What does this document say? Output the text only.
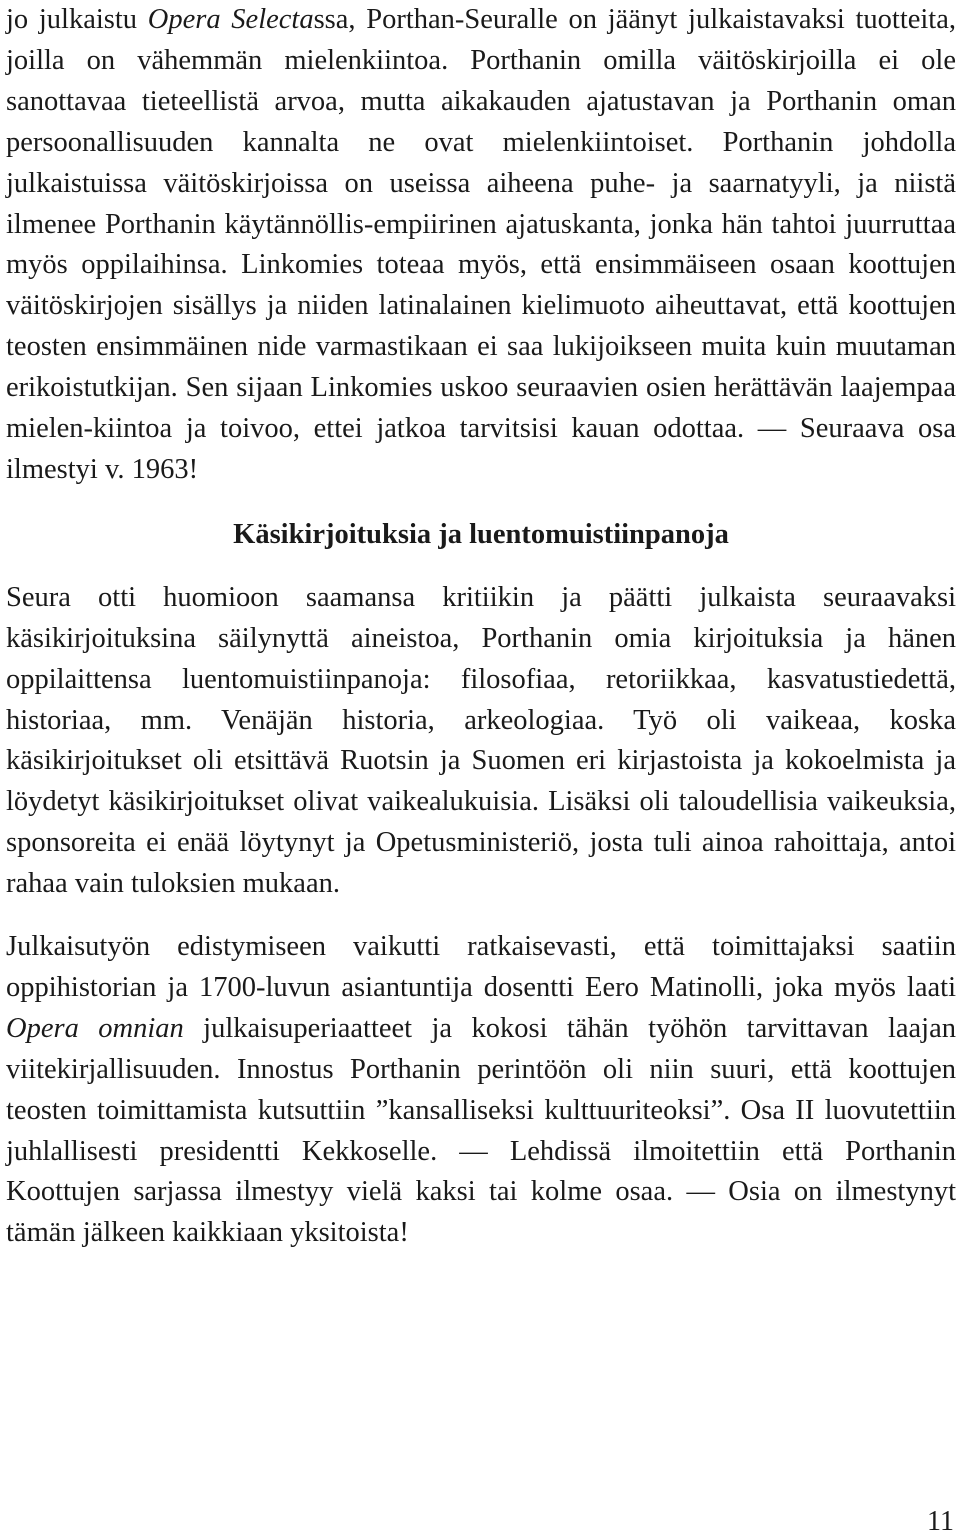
jo julkaistu Opera Selectassa, Porthan-Seuralle on jäänyt julkaistavaksi tuotteita, joilla on vähemmän mielenkiintoa. Porthanin omilla väitöskirjoilla ei ole sanottavaa tieteellistä arvoa, mutta aikakauden ajatustavan ja Porthanin oman persoonallisuuden kannalta ne ovat mielenkiintoiset. Porthanin johdolla julkaistuissa väitöskirjoissa on useissa aiheena puhe- ja saarnatyyli, ja niistä ilmenee Porthanin käytännöllis-empiirinen ajatuskanta, jonka hän tahtoi juurruttaa myös oppilaihinsa. Linkomies toteaa myös, että ensimmäiseen osaan koottujen väitöskirjojen sisällys ja niiden latinalainen kielimuoto aiheuttavat, että koottujen teosten ensimmäinen nide varmastikaan ei saa lukijoikseen muita kuin muutaman erikoistutkijan. Sen sijaan Linkomies uskoo seuraavien osien herättävän laajempaa mielen-kiintoa ja toivoo, ettei jatkoa tarvitsisi kauan odottaa. — Seuraava osa ilmestyi v. 1963!

Käsikirjoituksia ja luentomuistiinpanoja

Seura otti huomioon saamansa kritiikin ja päätti julkaista seuraavaksi käsikirjoituksina säilynyttä aineistoa, Porthanin omia kirjoituksia ja hänen oppilaittensa luentomuistiinpanoja: filosofiaa, retoriikkaa, kasvatustiedettä, historiaa, mm. Venäjän historia, arkeologiaa. Työ oli vaikeaa, koska käsikirjoitukset oli etsittävä Ruotsin ja Suomen eri kirjastoista ja kokoelmista ja löydetyt käsikirjoitukset olivat vaikealukuisia. Lisäksi oli taloudellisia vaikeuksia, sponsoreita ei enää löytynyt ja Opetusministeriö, josta tuli ainoa rahoittaja, antoi rahaa vain tuloksien mukaan.

Julkaisutyön edistymiseen vaikutti ratkaisevasti, että toimittajaksi saatiin oppihistorian ja 1700-luvun asiantuntija dosentti Eero Matinolli, joka myös laati Opera omnian julkaisuperiaatteet ja kokosi tähän työhön tarvittavan laajan viitekirjallisuuden. Innostus Porthanin perintöön oli niin suuri, että koottujen teosten toimittamista kutsuttiin ”kansalliseksi kulttuuriteoksi”. Osa II luovutettiin juhlallisesti presidentti Kekkoselle. — Lehdissä ilmoitettiin että Porthanin Koottujen sarjassa ilmestyy vielä kaksi tai kolme osaa. — Osia on ilmestynyt tämän jälkeen kaikkiaan yksitoista!

11
